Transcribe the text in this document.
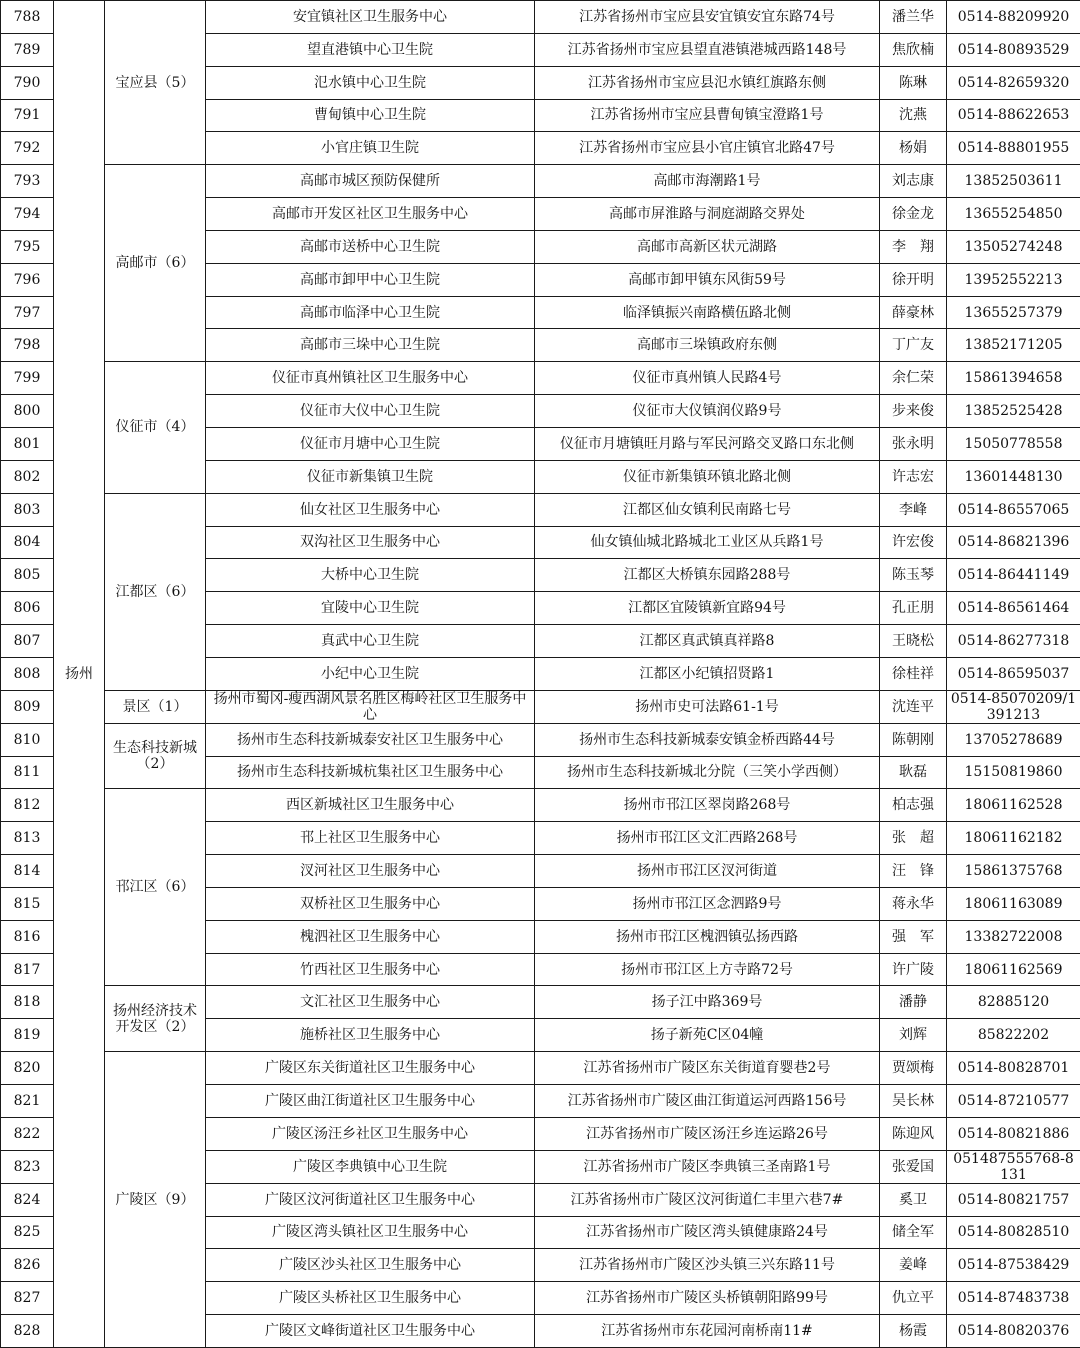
788	扬州	宝应县（5）	安宜镇社区卫生服务中心	江苏省扬州市宝应县安宜镇安宜东路74号	潘兰华	0514-88209920
789			望直港镇中心卫生院	江苏省扬州市宝应县望直港镇港城西路148号	焦欣楠	0514-80893529
790			氾水镇中心卫生院	江苏省扬州市宝应县氾水镇红旗路东侧	陈琳	0514-82659320
791			曹甸镇中心卫生院	江苏省扬州市宝应县曹甸镇宝澄路1号	沈燕	0514-88622653
792			小官庄镇卫生院	江苏省扬州市宝应县小官庄镇官北路47号	杨娟	0514-88801955
793		高邮市（6）	高邮市城区预防保健所	高邮市海潮路1号	刘志康	13852503611
794			高邮市开发区社区卫生服务中心	高邮市屏淮路与洞庭湖路交界处	徐金龙	13655254850
795			高邮市送桥中心卫生院	高邮市高新区状元湖路	李　翔	13505274248
796			高邮市卸甲中心卫生院	高邮市卸甲镇东风街59号	徐开明	13952552213
797			高邮市临泽中心卫生院	临泽镇振兴南路横伍路北侧	薛豪林	13655257379
798			高邮市三垛中心卫生院	高邮市三垛镇政府东侧	丁广友	13852171205
799		仪征市（4）	仪征市真州镇社区卫生服务中心	仪征市真州镇人民路4号	余仁荣	15861394658
800			仪征市大仪中心卫生院	仪征市大仪镇润仪路9号	步来俊	13852525428
801			仪征市月塘中心卫生院	仪征市月塘镇旺月路与军民河路交叉路口东北侧	张永明	15050778558
802			仪征市新集镇卫生院	仪征市新集镇环镇北路北侧	许志宏	13601448130
803		江都区（6）	仙女社区卫生服务中心	江都区仙女镇利民南路七号	李峰	0514-86557065
804			双沟社区卫生服务中心	仙女镇仙城北路城北工业区从兵路1号	许宏俊	0514-86821396
805			大桥中心卫生院	江都区大桥镇东园路288号	陈玉琴	0514-86441149
806			宜陵中心卫生院	江都区宜陵镇新宜路94号	孔正朋	0514-86561464
807			真武中心卫生院	江都区真武镇真祥路8	王晓松	0514-86277318
808			小纪中心卫生院	江都区小纪镇招贤路1	徐桂祥	0514-86595037
809		景区（1）	扬州市蜀冈-瘦西湖风景名胜区梅岭社区卫生服务中心	扬州市史可法路61-1号	沈连平	0514-85070209/1391213
810		生态科技新城（2）	扬州市生态科技新城泰安社区卫生服务中心	扬州市生态科技新城泰安镇金桥西路44号	陈朝刚	13705278689
811			扬州市生态科技新城杭集社区卫生服务中心	扬州市生态科技新城北分院（三笑小学西侧）	耿磊	15150819860
812		邗江区（6）	西区新城社区卫生服务中心	扬州市邗江区翠岗路268号	柏志强	18061162528
813			邗上社区卫生服务中心	扬州市邗江区文汇西路268号	张　超	18061162182
814			汊河社区卫生服务中心	扬州市邗江区汊河街道	汪　锋	15861375768
815			双桥社区卫生服务中心	扬州市邗江区念泗路9号	蒋永华	18061163089
816			槐泗社区卫生服务中心	扬州市邗江区槐泗镇弘扬西路	强　军	13382722008
817			竹西社区卫生服务中心	扬州市邗江区上方寺路72号	许广陵	18061162569
818		扬州经济技术开发区（2）	文汇社区卫生服务中心	扬子江中路369号	潘静	82885120
819			施桥社区卫生服务中心	扬子新苑C区04幢	刘辉	85822202
820		广陵区（9）	广陵区东关街道社区卫生服务中心	江苏省扬州市广陵区东关街道育婴巷2号	贾颂梅	0514-80828701
821			广陵区曲江街道社区卫生服务中心	江苏省扬州市广陵区曲江街道运河西路156号	吴长林	0514-87210577
822			广陵区汤汪乡社区卫生服务中心	江苏省扬州市广陵区汤汪乡连运路26号	陈迎风	0514-80821886
823			广陵区李典镇中心卫生院	江苏省扬州市广陵区李典镇三圣南路1号	张爱国	051487555768-8131
824			广陵区汶河街道社区卫生服务中心	江苏省扬州市广陵区汶河街道仁丰里六巷7#	奚卫	0514-80821757
825			广陵区湾头镇社区卫生服务中心	江苏省扬州市广陵区湾头镇健康路24号	储全军	0514-80828510
826			广陵区沙头社区卫生服务中心	江苏省扬州市广陵区沙头镇三兴东路11号	姜峰	0514-87538429
827			广陵区头桥社区卫生服务中心	江苏省扬州市广陵区头桥镇朝阳路99号	仇立平	0514-87483738
828			广陵区文峰街道社区卫生服务中心	江苏省扬州市东花园河南桥南11#	杨霞	0514-80820376
